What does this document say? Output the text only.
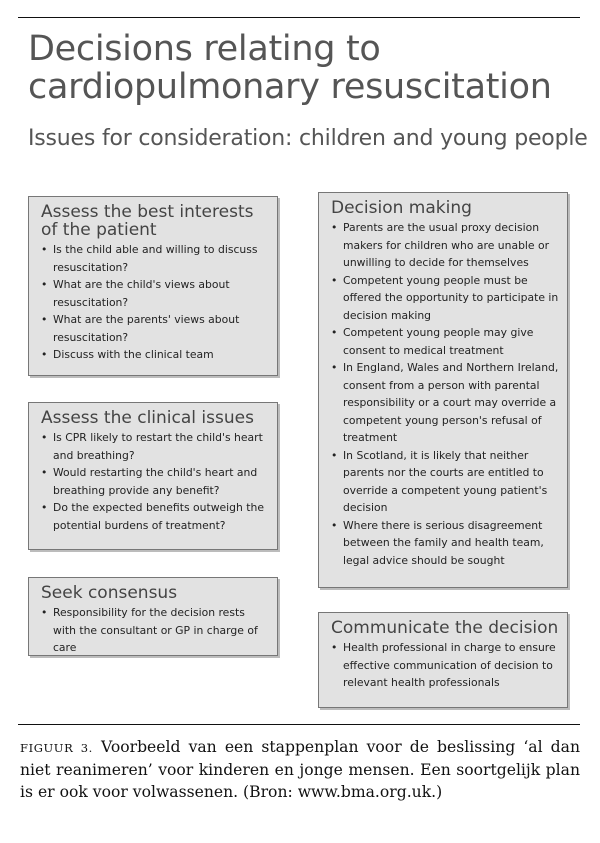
Decisions relating to cardiopulmonary resuscitation
Issues for consideration: children and young people
Assess the best interests of the patient
• Is the child able and willing to discuss resuscitation?
• What are the child's views about resuscitation?
• What are the parents' views about resuscitation?
• Discuss with the clinical team
Assess the clinical issues
• Is CPR likely to restart the child's heart and breathing?
• Would restarting the child's heart and breathing provide any benefit?
• Do the expected benefits outweigh the potential burdens of treatment?
Seek consensus
• Responsibility for the decision rests with the consultant or GP in charge of care
Decision making
• Parents are the usual proxy decision makers for children who are unable or unwilling to decide for themselves
• Competent young people must be offered the opportunity to participate in decision making
• Competent young people may give consent to medical treatment
• In England, Wales and Northern Ireland, consent from a person with parental responsibility or a court may override a competent young person's refusal of treatment
• In Scotland, it is likely that neither parents nor the courts are entitled to override a competent young patient's decision
• Where there is serious disagreement between the family and health team, legal advice should be sought
Communicate the decision
• Health professional in charge to ensure effective communication of decision to relevant health professionals

FIGUUR 3. Voorbeeld van een stappenplan voor de beslissing ‘al dan niet reanimeren’ voor kinderen en jonge mensen. Een soortgelijk plan is er ook voor volwassenen. (Bron: www.bma.org.uk.)
